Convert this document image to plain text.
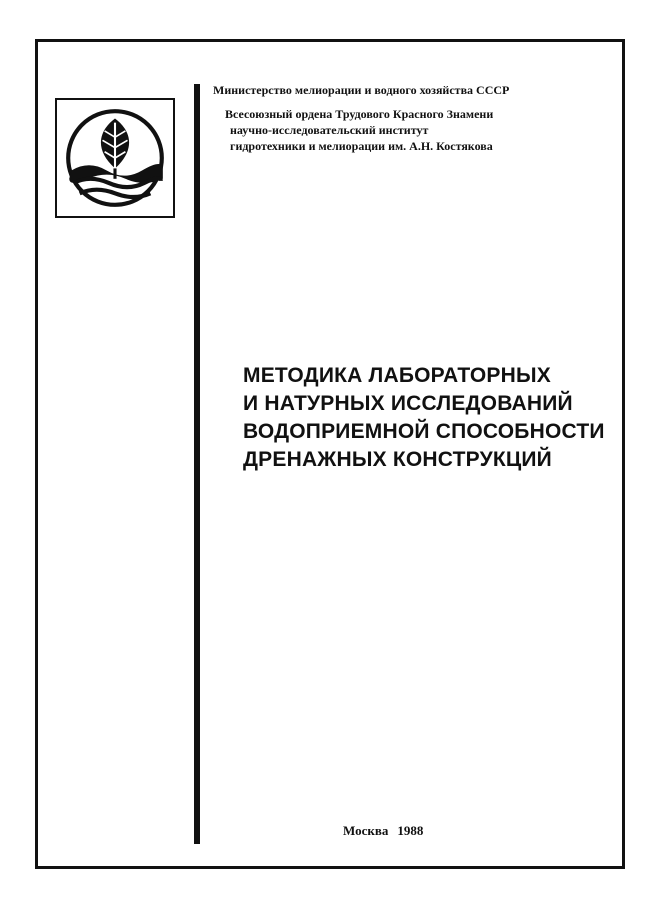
Министерство мелиорации и водного хозяйства СССР
Всесоюзный ордена Трудового Красного Знамени
научно-исследовательский институт
гидротехники и мелиорации им. А.Н. Костякова
МЕТОДИКА ЛАБОРАТОРНЫХ
И НАТУРНЫХ ИССЛЕДОВАНИЙ
ВОДОПРИЕМНОЙ СПОСОБНОСТИ
ДРЕНАЖНЫХ КОНСТРУКЦИЙ
Москва 1988
